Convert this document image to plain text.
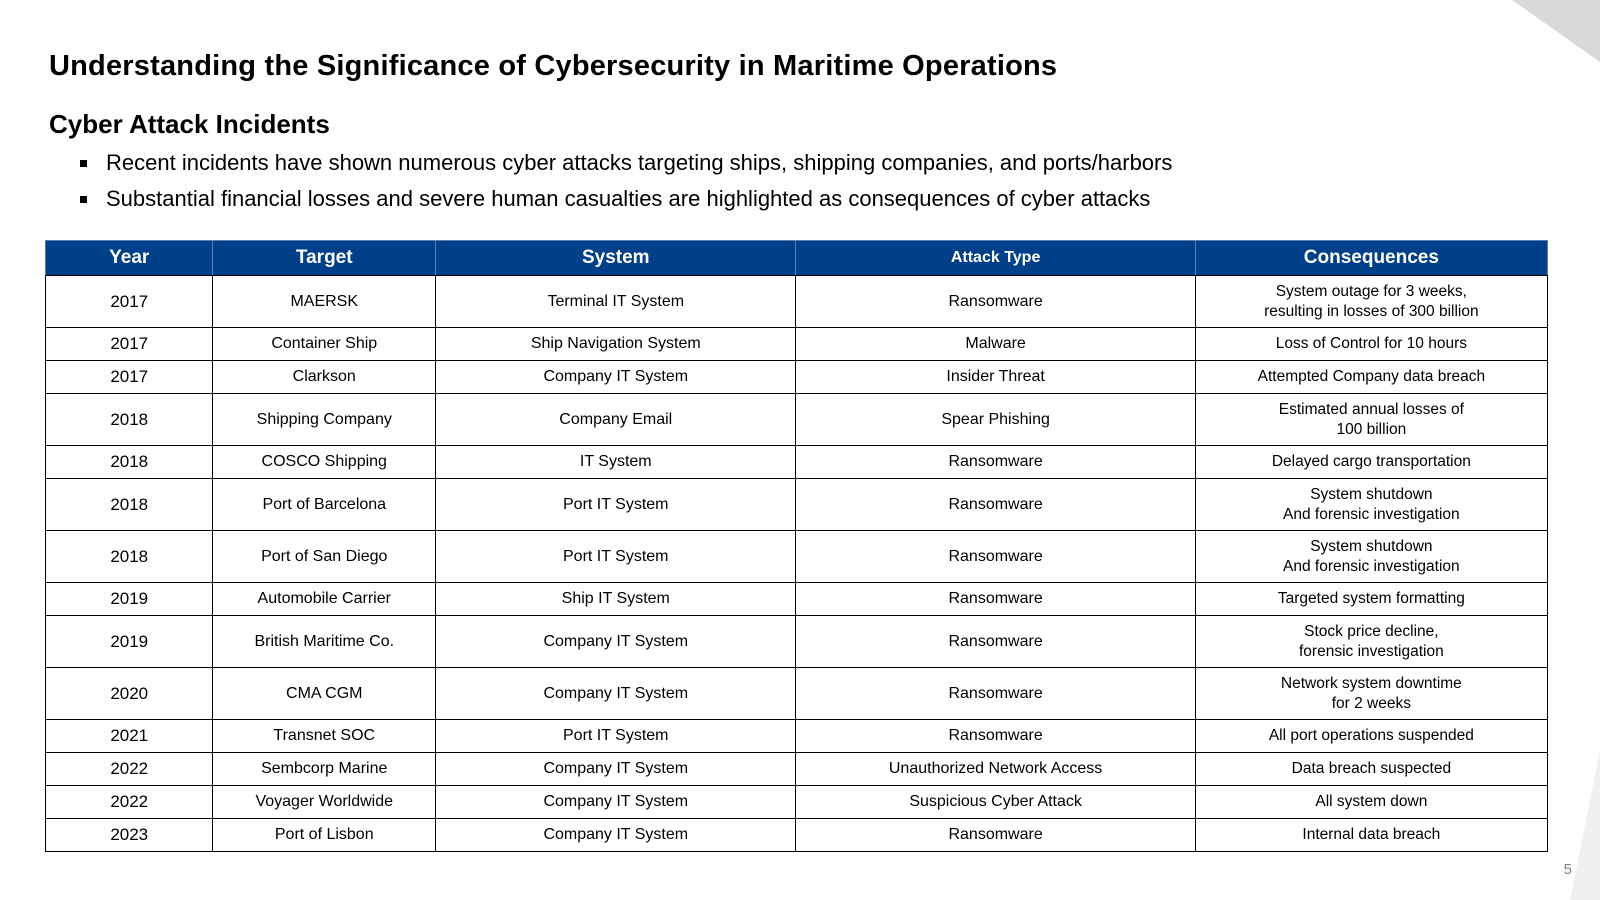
Understanding the Significance of Cybersecurity in Maritime Operations
Cyber Attack Incidents
Recent incidents have shown numerous cyber attacks targeting ships, shipping companies, and ports/harbors
Substantial financial losses and severe human casualties are highlighted as consequences of cyber attacks
Year	Target	System	Attack Type	Consequences
2017	MAERSK	Terminal IT System	Ransomware	System outage for 3 weeks,
resulting in losses of 300 billion
2017	Container Ship	Ship Navigation System	Malware	Loss of Control for 10 hours
2017	Clarkson	Company IT System	Insider Threat	Attempted Company data breach
2018	Shipping Company	Company Email	Spear Phishing	Estimated annual losses of
100 billion
2018	COSCO Shipping	IT System	Ransomware	Delayed cargo transportation
2018	Port of Barcelona	Port IT System	Ransomware	System shutdown
And forensic investigation
2018	Port of San Diego	Port IT System	Ransomware	System shutdown
And forensic investigation
2019	Automobile Carrier	Ship IT System	Ransomware	Targeted system formatting
2019	British Maritime Co.	Company IT System	Ransomware	Stock price decline,
forensic investigation
2020	CMA CGM	Company IT System	Ransomware	Network system downtime
for 2 weeks
2021	Transnet SOC	Port IT System	Ransomware	All port operations suspended
2022	Sembcorp Marine	Company IT System	Unauthorized Network Access	Data breach suspected
2022	Voyager Worldwide	Company IT System	Suspicious Cyber Attack	All system down
2023	Port of Lisbon	Company IT System	Ransomware	Internal data breach
5
